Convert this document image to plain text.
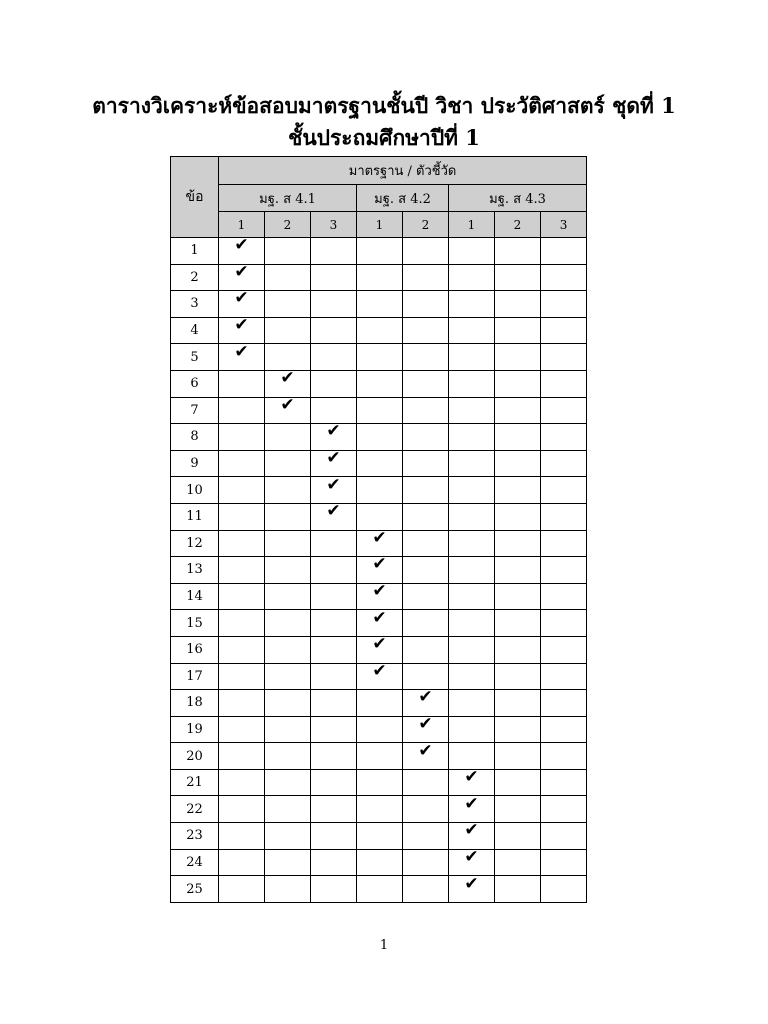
ตารางวิเคราะห์ข้อสอบมาตรฐานชั้นปี วิชา ประวัติศาสตร์ ชุดที่ 1
ชั้นประถมศึกษาปีที่ 1
ข้อ	มาตรฐาน / ตัวชี้วัด							
	มฐ. ส 4.1			มฐ. ส 4.2		มฐ. ส 4.3		
	1	2	3	1	2	1	2	3
1	✔							
2	✔							
3	✔							
4	✔							
5	✔							
6		✔						
7		✔						
8			✔					
9			✔					
10			✔					
11			✔					
12				✔				
13				✔				
14				✔				
15				✔				
16				✔				
17				✔				
18					✔			
19					✔			
20					✔			
21						✔		
22						✔		
23						✔		
24						✔		
25						✔		
1
